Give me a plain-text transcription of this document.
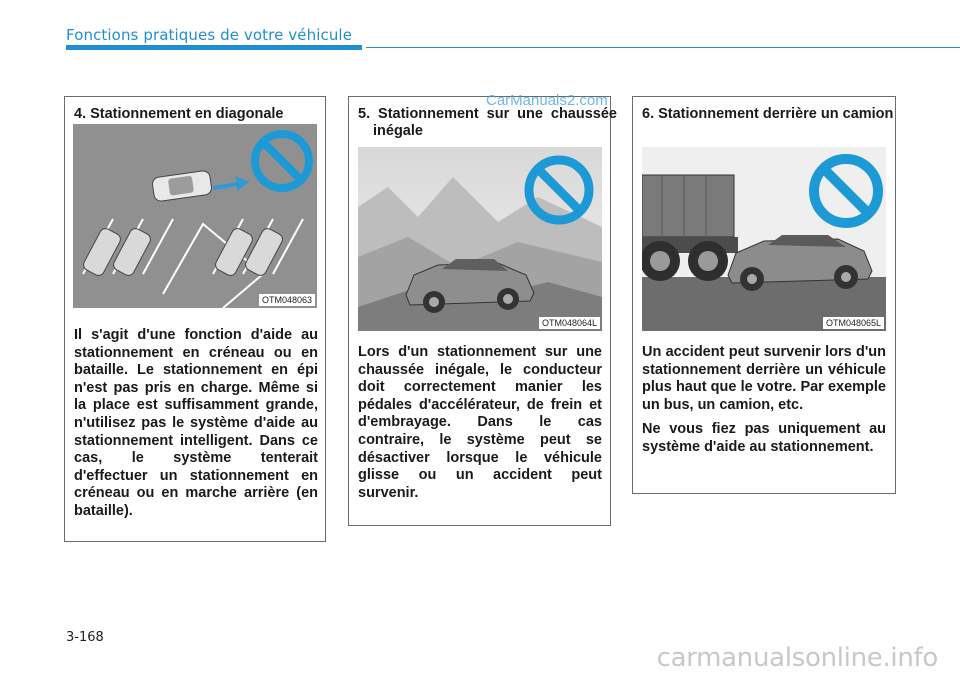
Fonctions pratiques de votre véhicule
CarManuals2.com
4. Stationnement en diagonale
OTM048063

Il s'agit d'une fonction d'aide au stationnement en créneau ou en bataille. Le stationnement en épi n'est pas pris en charge. Même si la place est suffisamment grande, n'utilisez pas le système d'aide au stationnement intelligent. Dans ce cas, le système tenterait d'effectuer un stationnement en créneau ou en marche arrière (en bataille).

5. Stationnement sur une chaussée inégale
OTM048064L

Lors d'un stationnement sur une chaussée inégale, le conducteur doit correctement manier les pédales d'accélérateur, de frein et d'embrayage. Dans le cas contraire, le système peut se désactiver lorsque le véhicule glisse ou un accident peut survenir.

6. Stationnement derrière un camion
OTM048065L

Un accident peut survenir lors d'un stationnement derrière un véhicule plus haut que le votre. Par exemple un bus, un camion, etc.

Ne vous fiez pas uniquement au système d'aide au stationnement.

3-168
carmanualsonline.info
